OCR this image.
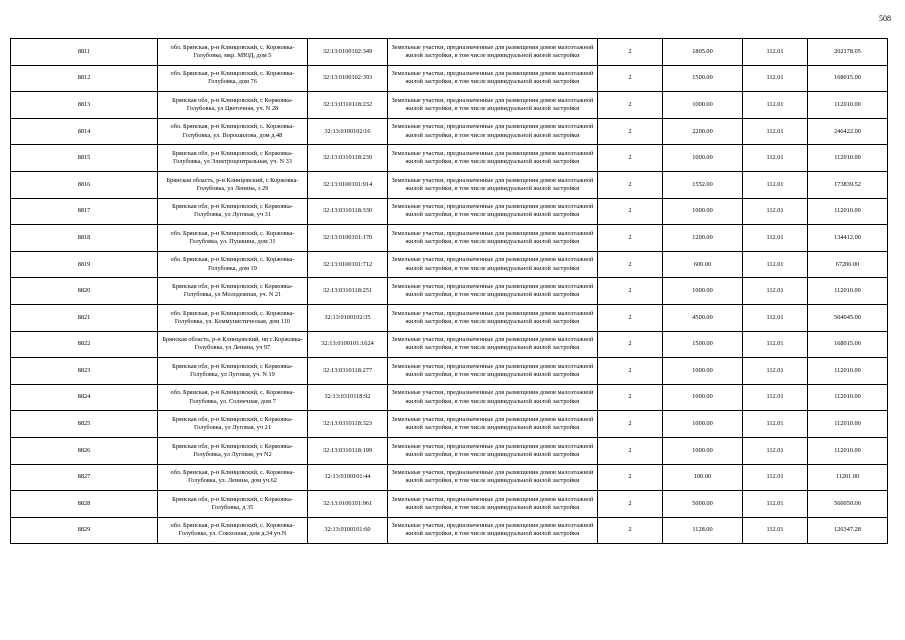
508
8811	обл. Брянская, р-н Клинцовский, с. Коржовка-Голубовка, мкр. МЮД, дом 5	32:13:0100102:349	Земельные участки, предназначенные для размещения домов малоэтажной жилой застройки, в том числе индивидуальной жилой застройки	2	1805.00	112.01	202178.05
8812	обл. Брянская, р-н Клинцовский, с. Коржовка-Голубовка, дом 76	32:13:0100102:393	Земельные участки, предназначенные для размещения домов малоэтажной жилой застройки, в том числе индивидуальной жилой застройки	2	1500.00	112.01	168015.00
8813	Брянская обл, р-н Клинцовский, с Коржовка-Голубовка, ул Цветочная, уч. N 28	32:13:0310118:232	Земельные участки, предназначенные для размещения домов малоэтажной жилой застройки, в том числе индивидуальной жилой застройки	2	1000.00	112.01	112010.00
8814	обл. Брянская, р-н Клинцовский, с. Коржовка-Голубовка, ул. Ворошилова, дом д.48	32:13:0100102:16	Земельные участки, предназначенные для размещения домов малоэтажной жилой застройки, в том числе индивидуальной жилой застройки	2	2200.00	112.01	246422.00
8815	Брянская обл, р-н Клинцовский, с Коржовка-Голубовка, ул Электроцентральная, уч. N 33	32:13:0310118:239	Земельные участки, предназначенные для размещения домов малоэтажной жилой застройки, в том числе индивидуальной жилой застройки	2	1000.00	112.01	112010.00
8816	Брянская область, р-н Клинцовский, с Коржовка-Голубовка, ул Ленина, з 29	32:13:0100101:914	Земельные участки, предназначенные для размещения домов малоэтажной жилой застройки, в том числе индивидуальной жилой застройки	2	1552.00	112.01	173839.52
8817	Брянская обл, р-н Клинцовский, с Коржовка-Голубовка, ул Луговая, уч 31	32:13:0310118:330	Земельные участки, предназначенные для размещения домов малоэтажной жилой застройки, в том числе индивидуальной жилой застройки	2	1000.00	112.01	112010.00
8818	обл. Брянская, р-н Клинцовский, с. Коржовка-Голубовка, ул. Пушкина, дом 31	32:13:0100101:170	Земельные участки, предназначенные для размещения домов малоэтажной жилой застройки, в том числе индивидуальной жилой застройки	2	1200.00	112.01	134412.00
8819	обл. Брянская, р-н Клинцовский, с. Коржовка-Голубовка, дом 19	32:13:0100101:712	Земельные участки, предназначенные для размещения домов малоэтажной жилой застройки, в том числе индивидуальной жилой застройки	2	600.00	112.01	67206.00
8820	Брянская обл, р-н Клинцовский, с Коржовка-Голубовка, ул Молодежная, уч. N 21	32:13:0310118:251	Земельные участки, предназначенные для размещения домов малоэтажной жилой застройки, в том числе индивидуальной жилой застройки	2	1000.00	112.01	112010.00
8821	обл. Брянская, р-н Клинцовский, с. Коржовка-Голубовка, ул. Коммунистическая, дом 110	32:13:0100102:35	Земельные участки, предназначенные для размещения домов малоэтажной жилой застройки, в том числе индивидуальной жилой застройки	2	4500.00	112.01	504045.00
8822	Брянская область, р-н Клинцовский, нп с.Коржовка-Голубовка, ул Ленина, уч 97	32:13:0100101:1624	Земельные участки, предназначенные для размещения домов малоэтажной жилой застройки, в том числе индивидуальной жилой застройки	2	1500.00	112.01	168015.00
8823	Брянская обл, р-н Клинцовский, с Коржовка-Голубовка, ул Луговая, уч. N 19	32:13:0310118:277	Земельные участки, предназначенные для размещения домов малоэтажной жилой застройки, в том числе индивидуальной жилой застройки	2	1000.00	112.01	112010.00
8824	обл. Брянская, р-н Клинцовский, с. Коржовка-Голубовка, ул. Солнечная, дом 7	32:13:0310118:92	Земельные участки, предназначенные для размещения домов малоэтажной жилой застройки, в том числе индивидуальной жилой застройки	2	1000.00	112.01	112010.00
8825	Брянская обл, р-н Клинцовский, с Коржовка-Голубовка, ул Луговая, уч 21	32:13:0310118:323	Земельные участки, предназначенные для размещения домов малоэтажной жилой застройки, в том числе индивидуальной жилой застройки	2	1000.00	112.01	112010.00
8826	Брянская обл, р-н Клинцовский, с Коржовка-Голубовка, ул Луговая, уч N2	32:13:0310118:199	Земельные участки, предназначенные для размещения домов малоэтажной жилой застройки, в том числе индивидуальной жилой застройки	2	1000.00	112.01	112010.00
8827	обл. Брянская, р-н Клинцовский, с. Коржовка-Голубовка, ул. Ленина, дом уч.62	32:13:0100101:44	Земельные участки, предназначенные для размещения домов малоэтажной жилой застройки, в том числе индивидуальной жилой застройки	2	100.00	112.01	11201.00
8828	Брянская обл, р-н Клинцовский, с Коржовка-Голубовка, д 35	32:13:0100101:961	Земельные участки, предназначенные для размещения домов малоэтажной жилой застройки, в том числе индивидуальной жилой застройки	2	5000.00	112.01	560050.00
8829	обл. Брянская, р-н Клинцовский, с. Коржовка-Голубовка, ул. Совхозная, дом д.34 уч.N	32:13:0100101:60	Земельные участки, предназначенные для размещения домов малоэтажной жилой застройки, в том числе индивидуальной жилой застройки	2	1128.00	112.01	126347.28
